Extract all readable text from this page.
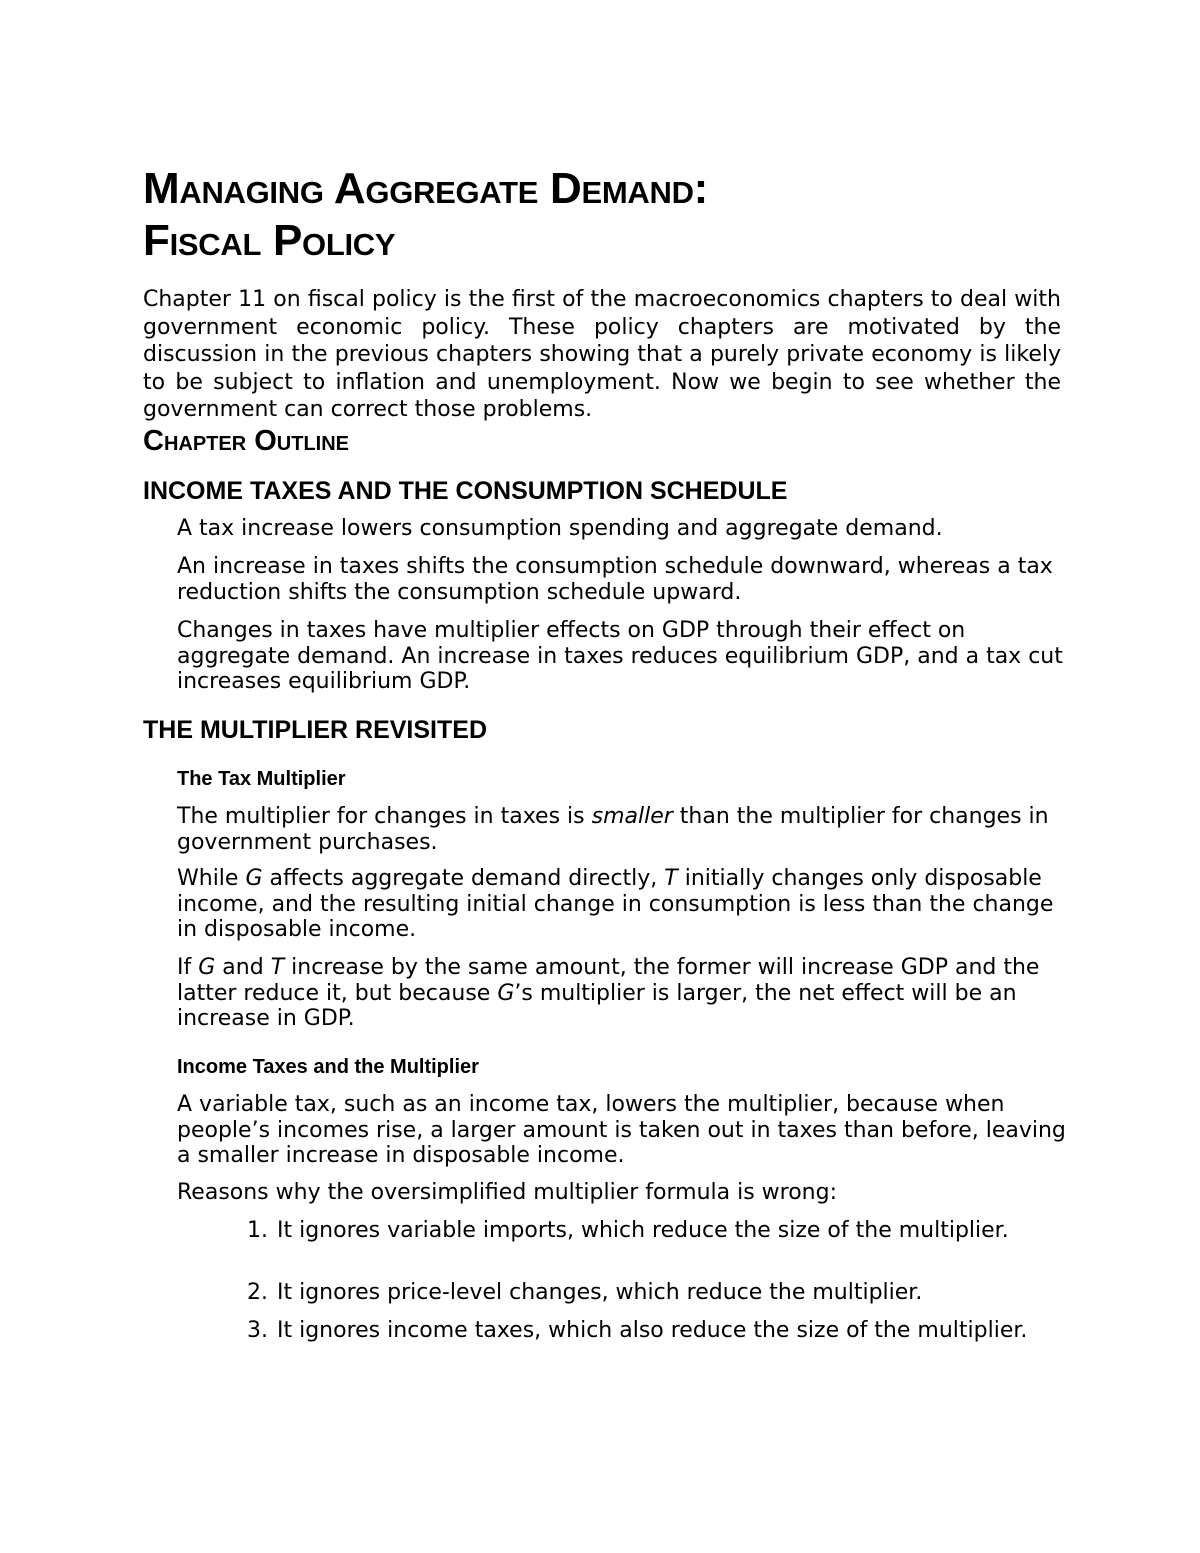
Managing Aggregate Demand:
Fiscal Policy

Chapter 11 on fiscal policy is the first of the macroeconomics chapters to deal with government economic policy. These policy chapters are motivated by the discussion in the previous chapters showing that a purely private economy is likely to be subject to inflation and unemployment. Now we begin to see whether the government can correct those problems.

Chapter Outline
INCOME TAXES AND THE CONSUMPTION SCHEDULE

A tax increase lowers consumption spending and aggregate demand.

An increase in taxes shifts the consumption schedule downward, whereas a tax reduction shifts the consumption schedule upward.

Changes in taxes have multiplier effects on GDP through their effect on aggregate demand. An increase in taxes reduces equilibrium GDP, and a tax cut increases equilibrium GDP.

THE MULTIPLIER REVISITED
The Tax Multiplier

The multiplier for changes in taxes is smaller than the multiplier for changes in government purchases.

While G affects aggregate demand directly, T initially changes only disposable income, and the resulting initial change in consumption is less than the change in disposable income.

If G and T increase by the same amount, the former will increase GDP and the latter reduce it, but because G’s multiplier is larger, the net effect will be an increase in GDP.

Income Taxes and the Multiplier

A variable tax, such as an income tax, lowers the multiplier, because when people’s incomes rise, a larger amount is taken out in taxes than before, leaving a smaller increase in disposable income.

Reasons why the oversimplified multiplier formula is wrong:

1. It ignores variable imports, which reduce the size of the multiplier.

2. It ignores price-level changes, which reduce the multiplier.

3. It ignores income taxes, which also reduce the size of the multiplier.
